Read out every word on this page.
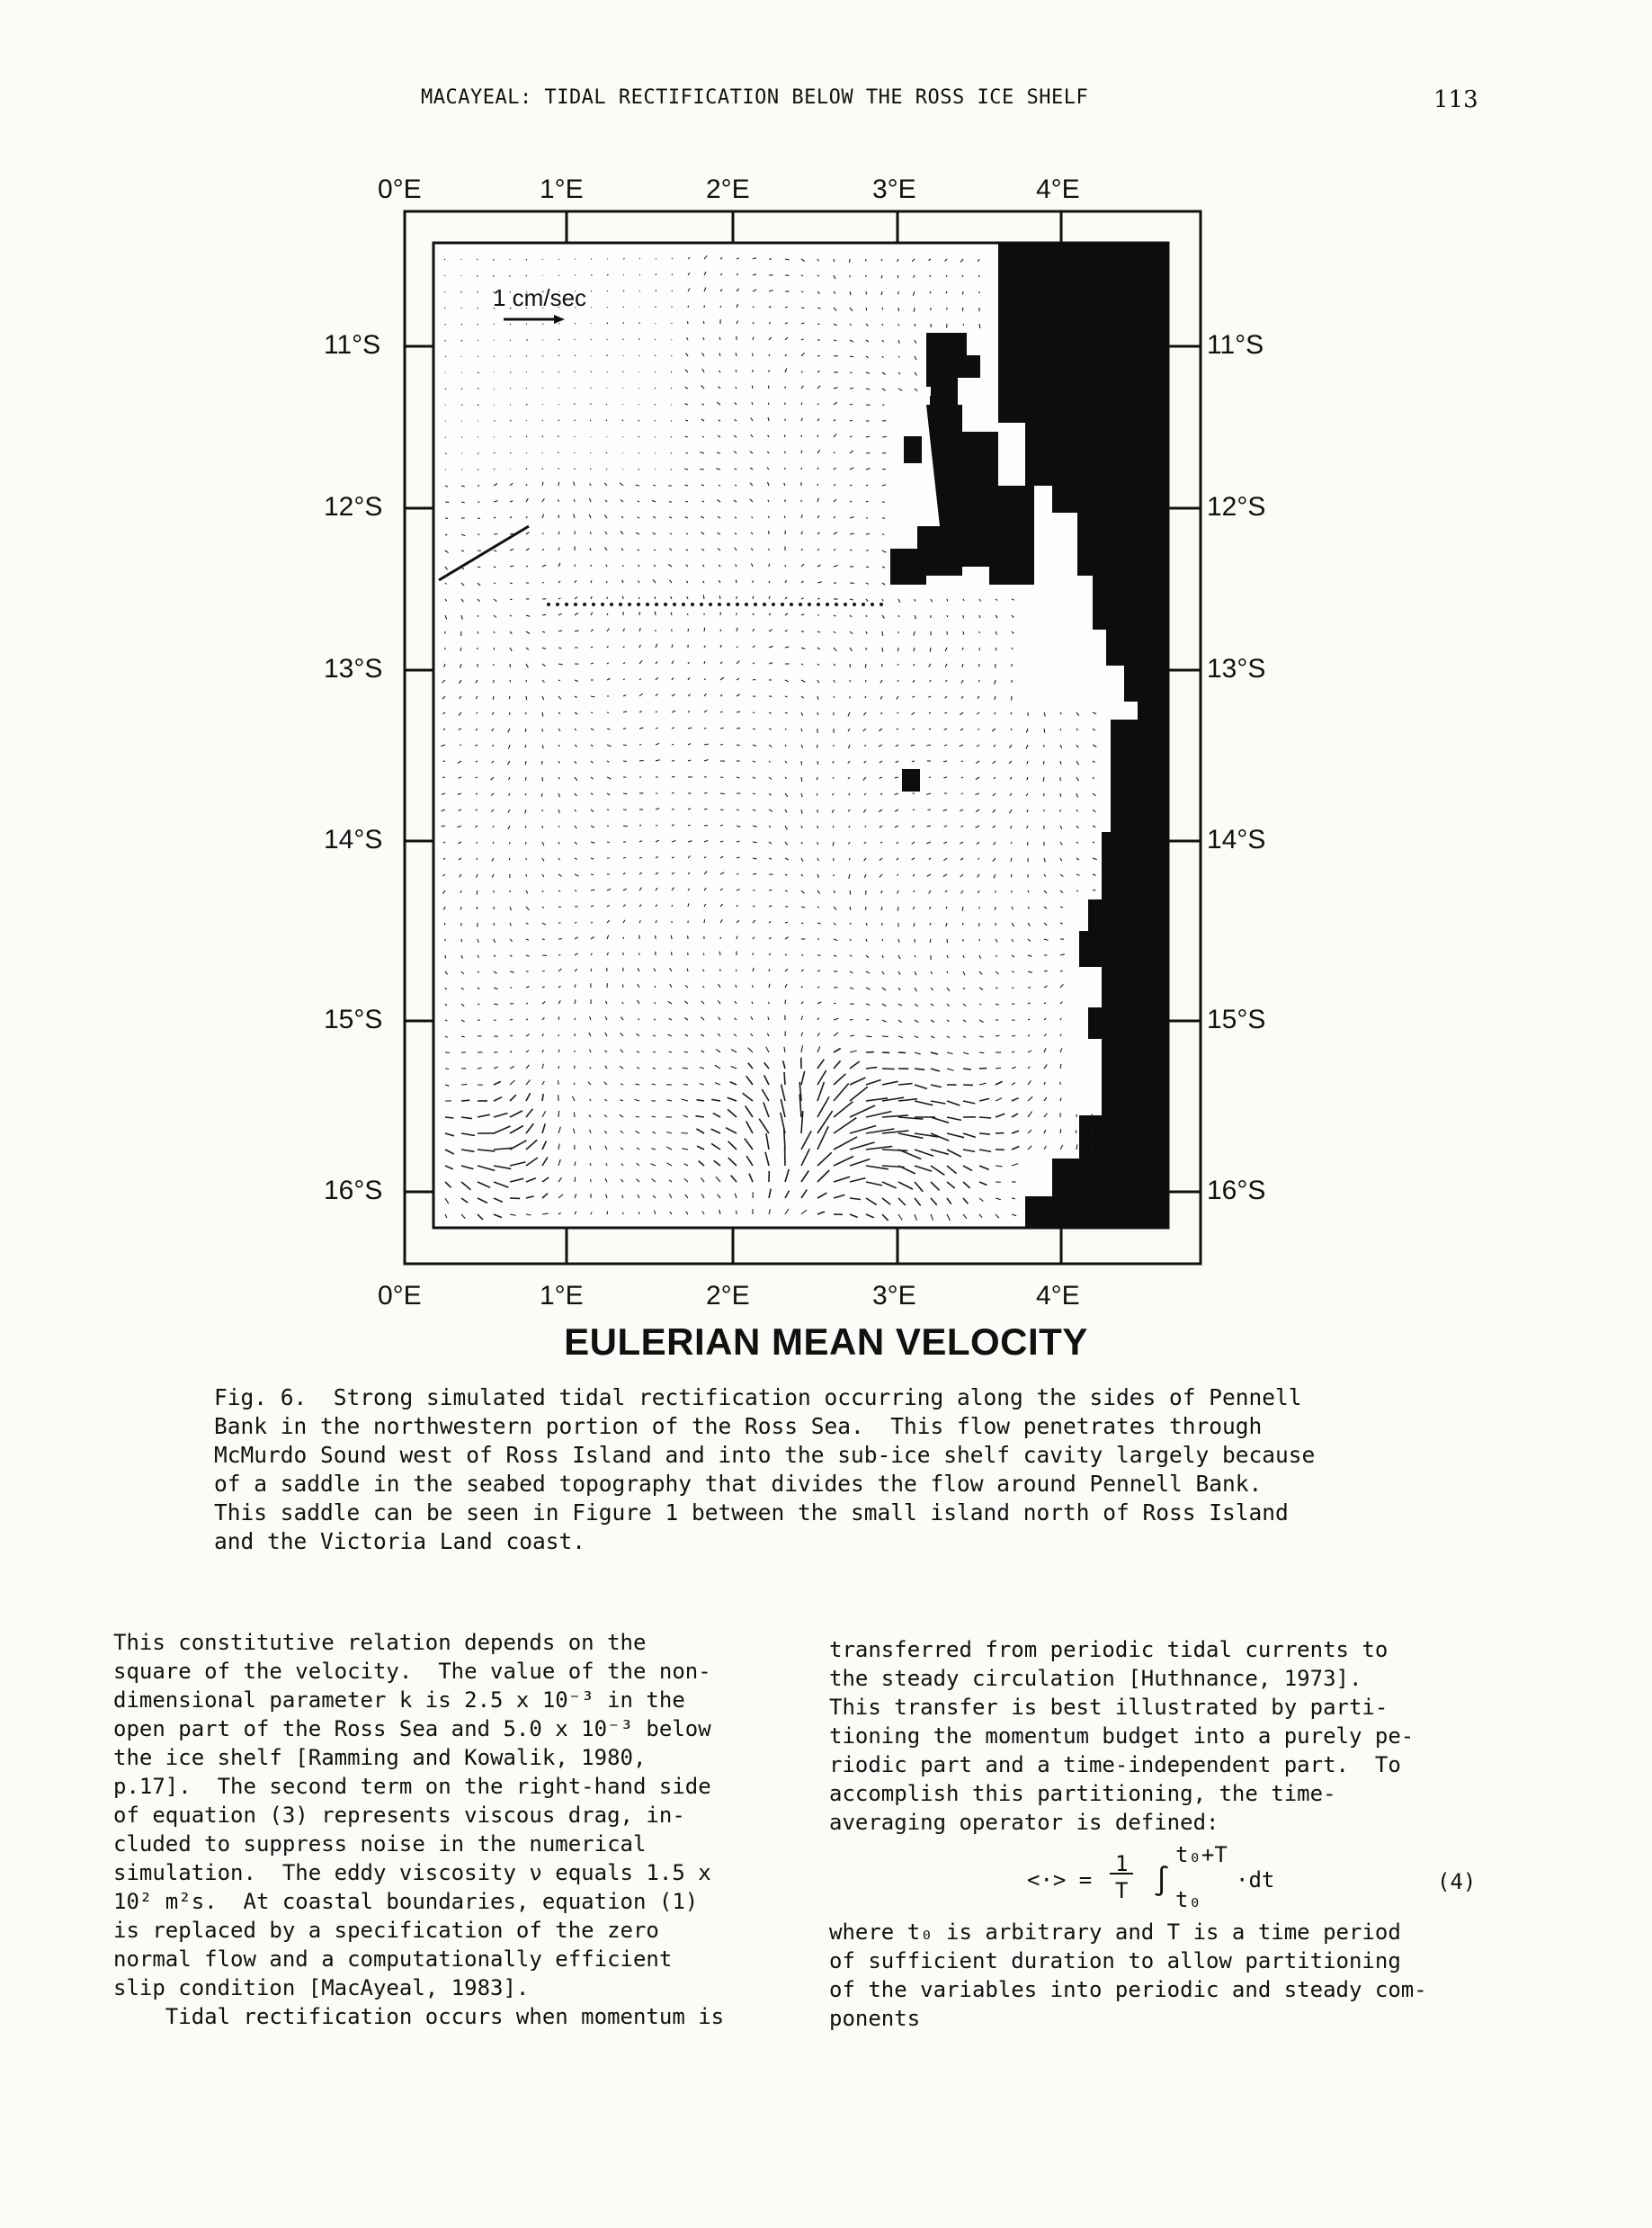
MACAYEAL: TIDAL RECTIFICATION BELOW THE ROSS ICE SHELF	113
1 cm/sec
0°E	1°E	2°E	3°E	4°E
0°E	1°E	2°E	3°E	4°E
11°S
12°S
13°S
14°S
15°S
16°S
11°S
12°S
13°S
14°S
15°S
16°S
EULERIAN MEAN VELOCITY
Fig. 6.  Strong simulated tidal rectification occurring along the sides of Pennell
Bank in the northwestern portion of the Ross Sea.  This flow penetrates through
McMurdo Sound west of Ross Island and into the sub-ice shelf cavity largely because
of a saddle in the seabed topography that divides the flow around Pennell Bank.
This saddle can be seen in Figure 1 between the small island north of Ross Island
and the Victoria Land coast.
This constitutive relation depends on the
square of the velocity.  The value of the non-
dimensional parameter k is 2.5 x 10⁻³ in the
open part of the Ross Sea and 5.0 x 10⁻³ below
the ice shelf [Ramming and Kowalik, 1980,
p.17].  The second term on the right-hand side
of equation (3) represents viscous drag, in-
cluded to suppress noise in the numerical
simulation.  The eddy viscosity ν equals 1.5 x
10² m²s.  At coastal boundaries, equation (1)
is replaced by a specification of the zero
normal flow and a computationally efficient
slip condition [MacAyeal, 1983].
Tidal rectification occurs when momentum is
transferred from periodic tidal currents to
the steady circulation [Huthnance, 1973].
This transfer is best illustrated by parti-
tioning the momentum budget into a purely pe-
riodic part and a time-independent part.  To
accomplish this partitioning, the time-
averaging operator is defined:
<·> =
1
T ∫
t₀+T
t₀
·dt	(4)
where t₀ is arbitrary and T is a time period
of sufficient duration to allow partitioning
of the variables into periodic and steady com-
ponents
